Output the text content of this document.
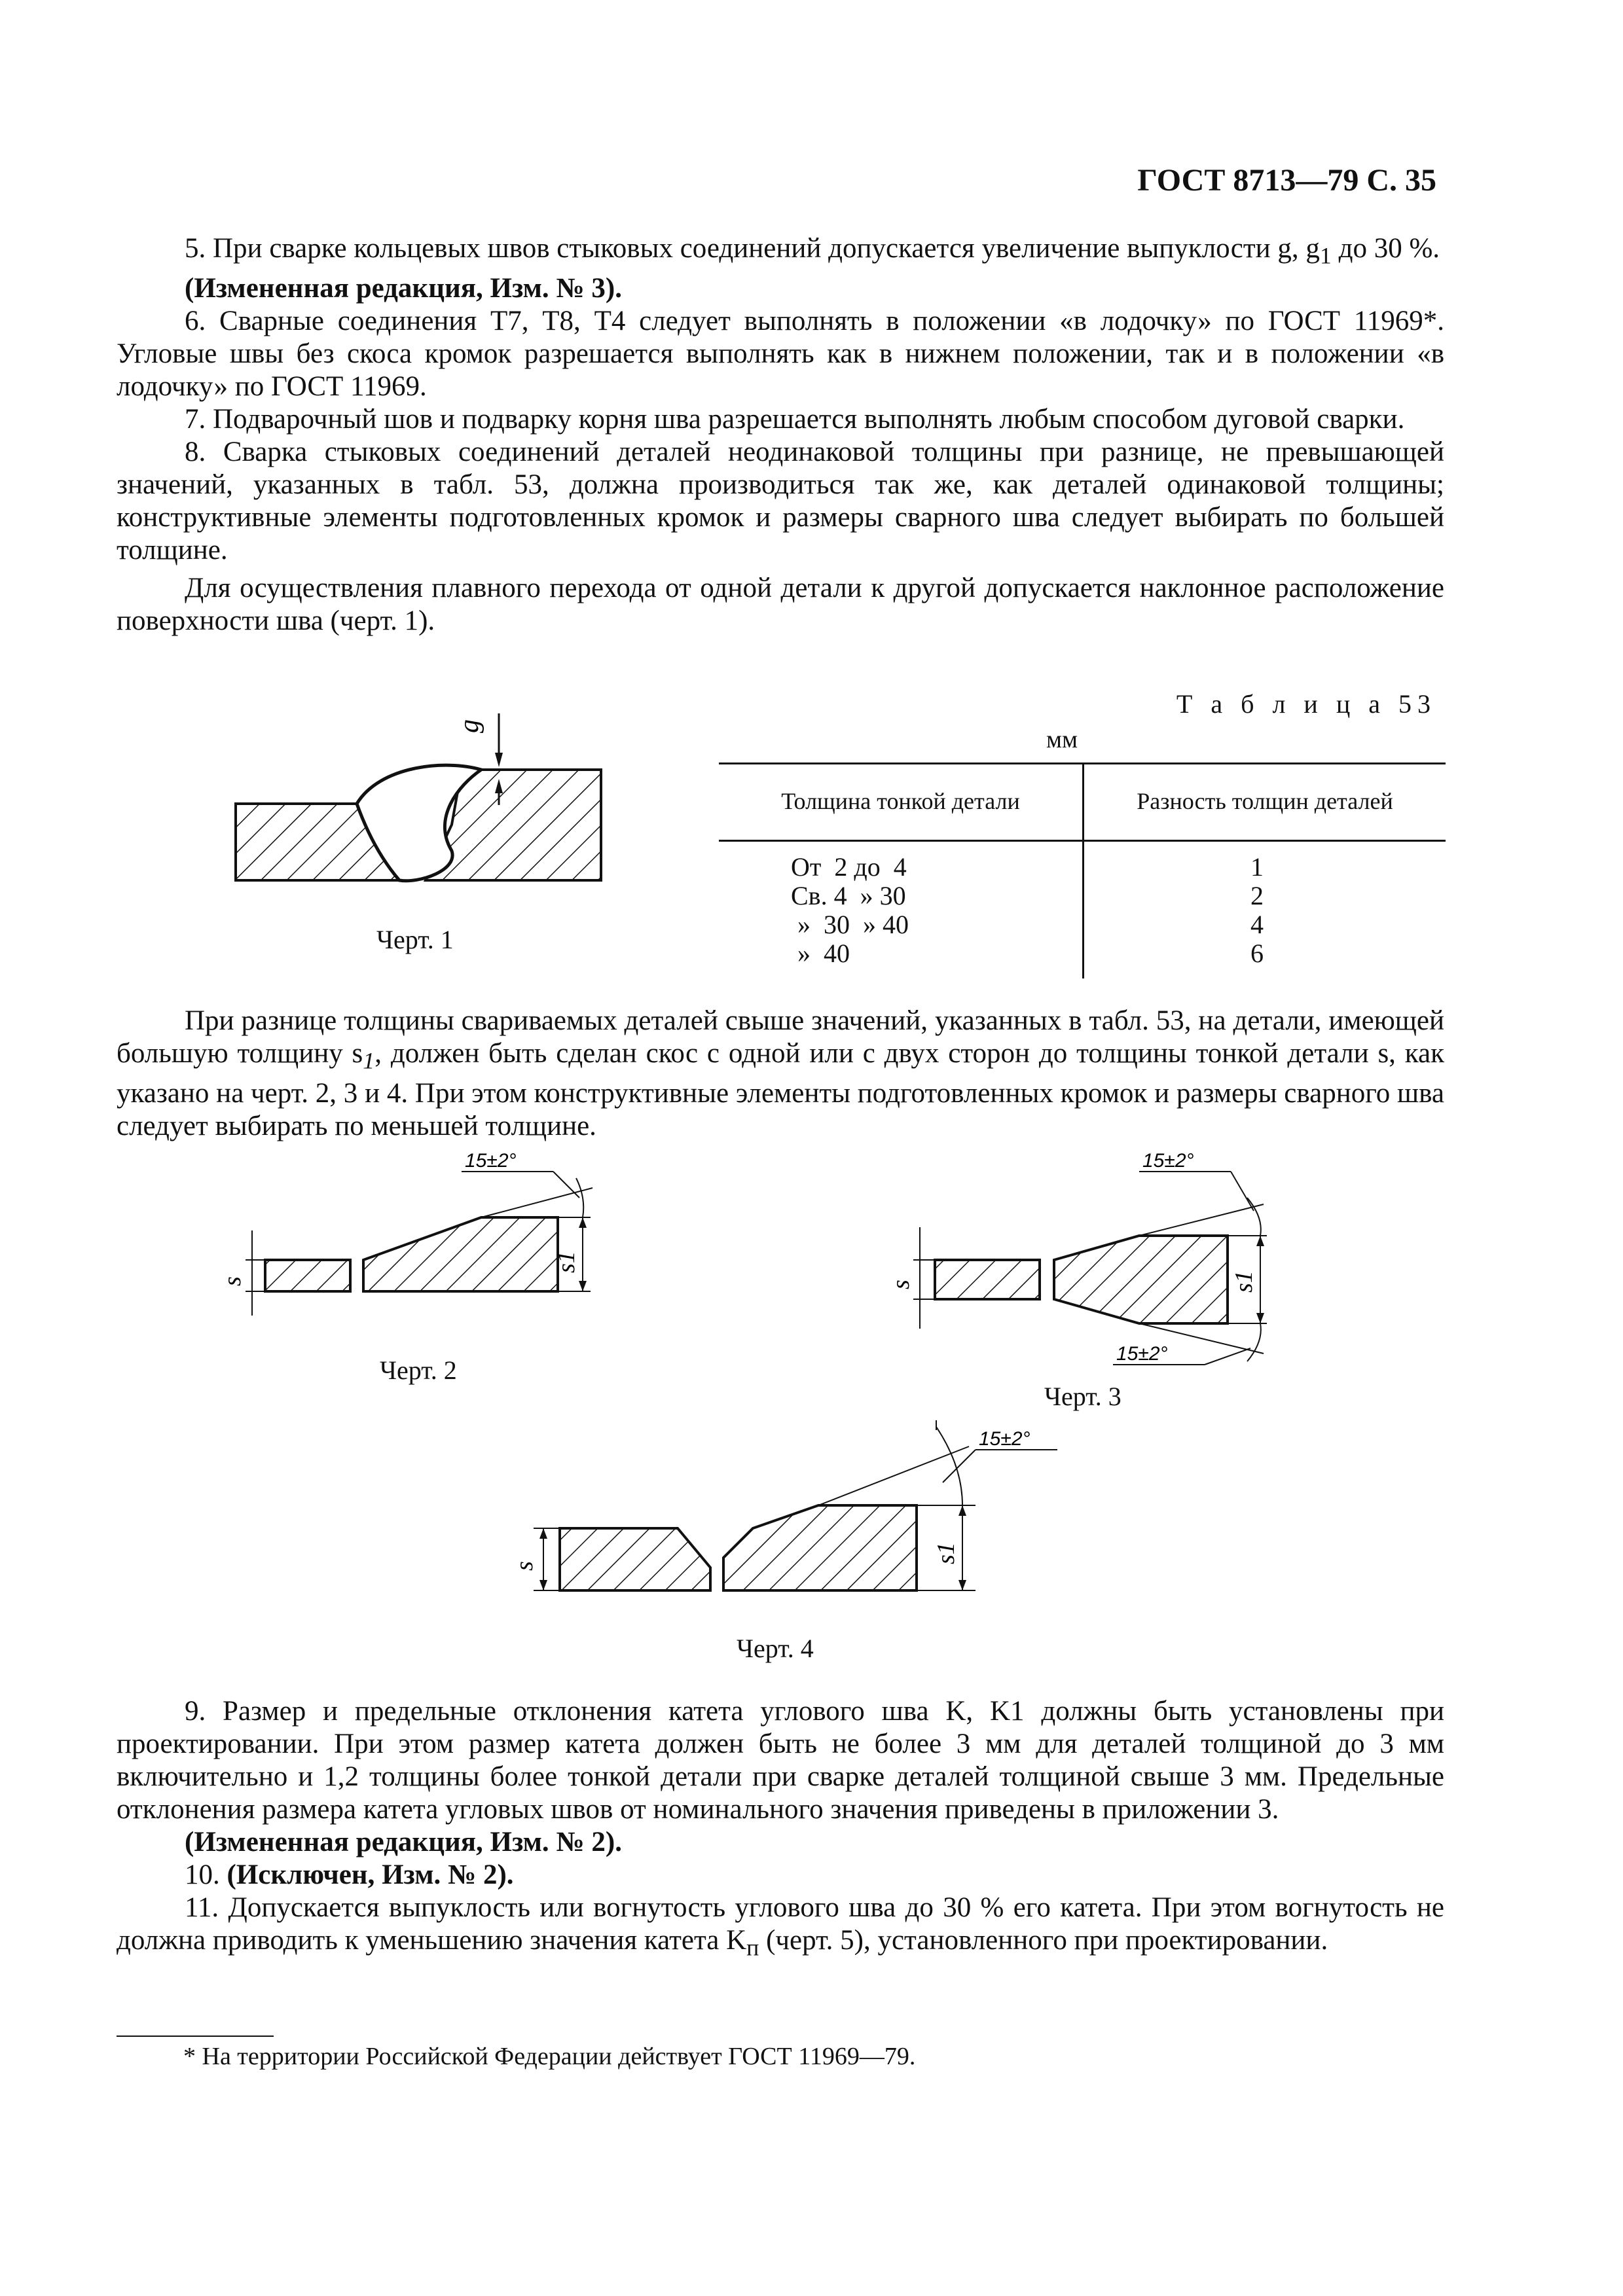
ГОСТ 8713—79 С. 35

5. При сварке кольцевых швов стыковых соединений допускается увеличение выпуклости g, $g_1$ до 30 %.

(Измененная редакция, Изм. № 3).

6. Сварные соединения Т7, Т8, Т4 следует выполнять в положении «в лодочку» по ГОСТ 11969*. Угловые швы без скоса кромок разрешается выполнять как в нижнем положении, так и в положении «в лодочку» по ГОСТ 11969.

7. Подварочный шов и подварку корня шва разрешается выполнять любым способом дуговой сварки.

8. Сварка стыковых соединений деталей неодинаковой толщины при разнице, не превышающей значений, указанных в табл. 53, должна производиться так же, как деталей одинаковой толщины; конструктивные элементы подготовленных кромок и размеры сварного шва следует выбирать по большей толщине.

Для осуществления плавного перехода от одной детали к другой допускается наклонное расположение поверхности шва (черт. 1).

g
Черт. 1
Т а б л и ц а 53
мм
Толщина тонкой детали	Разность толщин деталей
От  2 до  4	1
Св. 4  » 30	2
»  30  » 40	4
»  40	6

При разнице толщины свариваемых деталей свыше значений, указанных в табл. 53, на детали, имеющей большую толщину $s_1$, должен быть сделан скос с одной или с двух сторон до толщины тонкой детали s, как указано на черт. 2, 3 и 4. При этом конструктивные элементы подготовленных кромок и размеры сварного шва следует выбирать по меньшей толщине.

15±2°
s
s1
15±2°
15±2°
s	s1
15±2°
s
s1
Черт. 2
Черт. 3
Черт. 4

9. Размер и предельные отклонения катета углового шва K, K1 должны быть установлены при проектировании. При этом размер катета должен быть не более 3 мм для деталей толщиной до 3 мм включительно и 1,2 толщины более тонкой детали при сварке деталей толщиной свыше 3 мм. Предельные отклонения размера катета угловых швов от номинального значения приведены в приложении 3.

(Измененная редакция, Изм. № 2).

10. (Исключен, Изм. № 2).

11. Допускается выпуклость или вогнутость углового шва до 30 % его катета. При этом вогнутость не должна приводить к уменьшению значения катета $K_п$ (черт. 5), установленного при проектировании.

* На территории Российской Федерации действует ГОСТ 11969—79.
